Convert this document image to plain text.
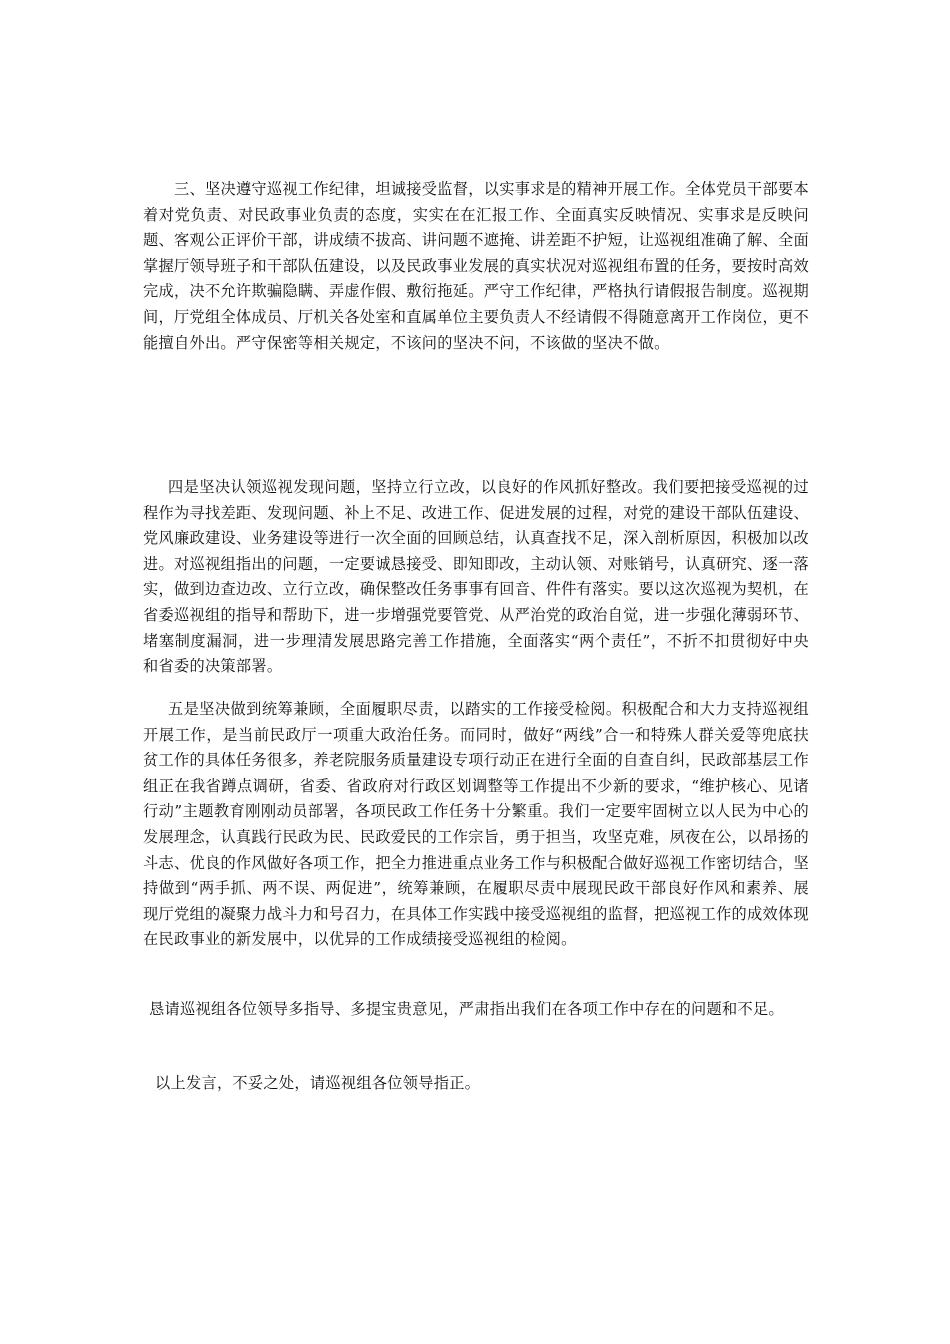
三、坚决遵守巡视工作纪律，坦诚接受监督，以实事求是的精神开展工作。全体党员干部要本着对党负责、对民政事业负责的态度，实实在在汇报工作、全面真实反映情况、实事求是反映问题、客观公正评价干部，讲成绩不拔高、讲问题不遮掩、讲差距不护短，让巡视组准确了解、全面掌握厅领导班子和干部队伍建设，以及民政事业发展的真实状况对巡视组布置的任务，要按时高效完成，决不允许欺骗隐瞒、弄虚作假、敷衍拖延。严守工作纪律，严格执行请假报告制度。巡视期间，厅党组全体成员、厅机关各处室和直属单位主要负责人不经请假不得随意离开工作岗位，更不能擅自外出。严守保密等相关规定，不该问的坚决不问，不该做的坚决不做。

四是坚决认领巡视发现问题，坚持立行立改，以良好的作风抓好整改。我们要把接受巡视的过程作为寻找差距、发现问题、补上不足、改进工作、促进发展的过程，对党的建设干部队伍建设、党风廉政建设、业务建设等进行一次全面的回顾总结，认真查找不足，深入剖析原因，积极加以改进。对巡视组指出的问题，一定要诚恳接受、即知即改，主动认领、对账销号，认真研究、逐一落实，做到边查边改、立行立改，确保整改任务事事有回音、件件有落实。要以这次巡视为契机，在省委巡视组的指导和帮助下，进一步增强党要管党、从严治党的政治自觉，进一步强化薄弱环节、堵塞制度漏洞，进一步理清发展思路完善工作措施，全面落实“两个责任”，不折不扣贯彻好中央和省委的决策部署。

五是坚决做到统筹兼顾，全面履职尽责，以踏实的工作接受检阅。积极配合和大力支持巡视组开展工作，是当前民政厅一项重大政治任务。而同时，做好“两线”合一和特殊人群关爱等兜底扶贫工作的具体任务很多，养老院服务质量建设专项行动正在进行全面的自查自纠，民政部基层工作组正在我省蹲点调研，省委、省政府对行政区划调整等工作提出不少新的要求，“维护核心、见诸行动”主题教育刚刚动员部署，各项民政工作任务十分繁重。我们一定要牢固树立以人民为中心的发展理念，认真践行民政为民、民政爱民的工作宗旨，勇于担当，攻坚克难，夙夜在公，以昂扬的斗志、优良的作风做好各项工作，把全力推进重点业务工作与积极配合做好巡视工作密切结合，坚持做到“两手抓、两不误、两促进”，统筹兼顾，在履职尽责中展现民政干部良好作风和素养、展现厅党组的凝聚力战斗力和号召力，在具体工作实践中接受巡视组的监督，把巡视工作的成效体现在民政事业的新发展中，以优异的工作成绩接受巡视组的检阅。

恳请巡视组各位领导多指导、多提宝贵意见，严肃指出我们在各项工作中存在的问题和不足。

以上发言，不妥之处，请巡视组各位领导指正。
